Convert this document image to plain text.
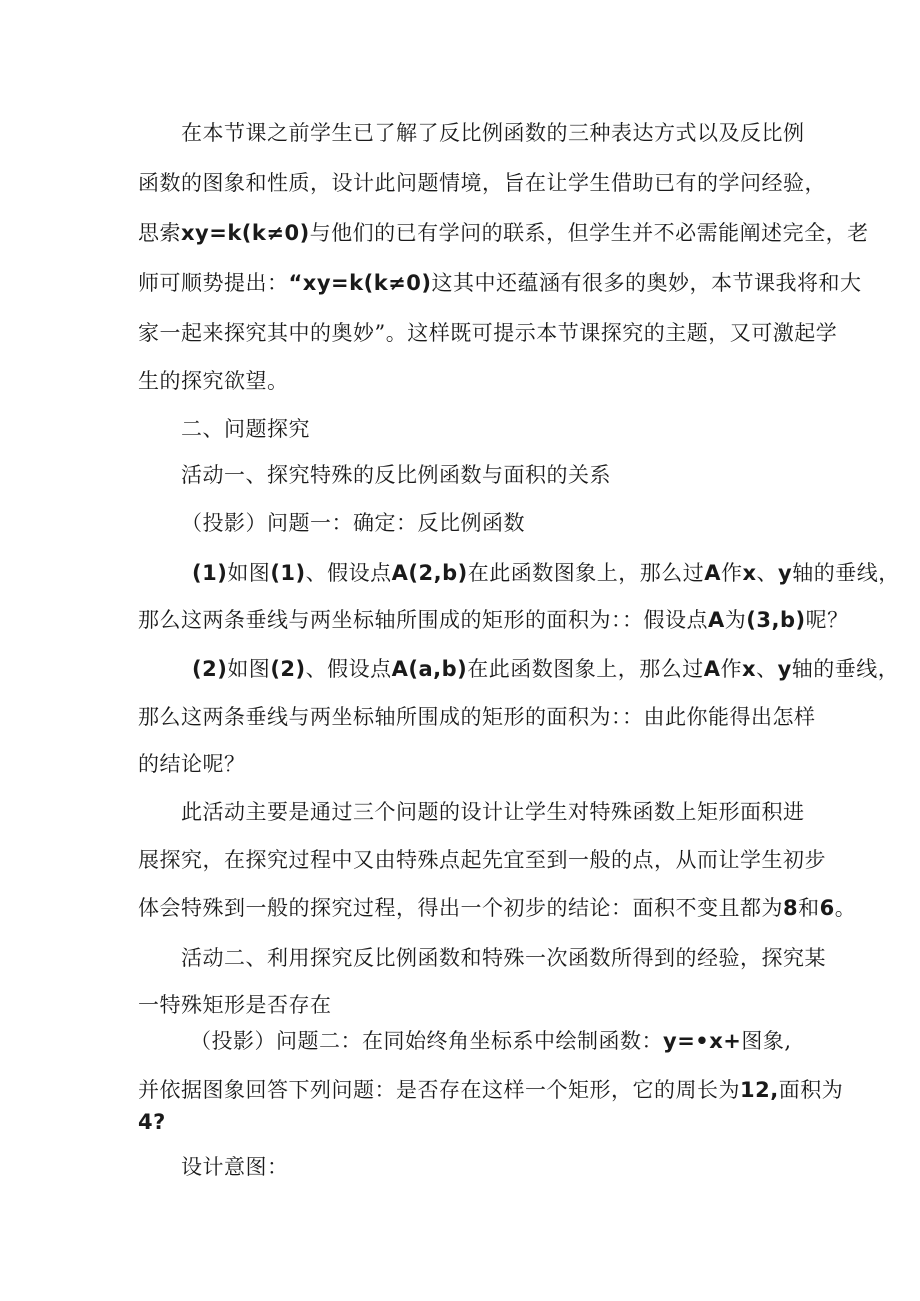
在本节课之前学生已了解了反比例函数的三种表达方式以及反比例
函数的图象和性质，设计此问题情境，旨在让学生借助已有的学问经验，
思索xy=k(k≠0)与他们的已有学问的联系，但学生并不必需能阐述完全，老
师可顺势提出：“xy=k(k≠0)这其中还蕴涵有很多的奥妙，本节课我将和大
家一起来探究其中的奥妙”。这样既可提示本节课探究的主题，又可激起学
生的探究欲望。
二、问题探究
活动一、探究特殊的反比例函数与面积的关系
（投影）问题一：确定：反比例函数
(1)如图(1)、假设点A(2,b)在此函数图象上，那么过A作x、y轴的垂线，
那么这两条垂线与两坐标轴所围成的矩形的面积为：：假设点A为(3,b)呢？
(2)如图(2)、假设点A(a,b)在此函数图象上，那么过A作x、y轴的垂线，
那么这两条垂线与两坐标轴所围成的矩形的面积为：：由此你能得出怎样
的结论呢？
此活动主要是通过三个问题的设计让学生对特殊函数上矩形面积进
展探究，在探究过程中又由特殊点起先宜至到一般的点，从而让学生初步
体会特殊到一般的探究过程，得出一个初步的结论：面积不变且都为8和6。
活动二、利用探究反比例函数和特殊一次函数所得到的经验，探究某
一特殊矩形是否存在
（投影）问题二：在同始终角坐标系中绘制函数：y=•x+图象,
并依据图象回答下列问题：是否存在这样一个矩形，它的周长为12,面积为
4?
设计意图：
